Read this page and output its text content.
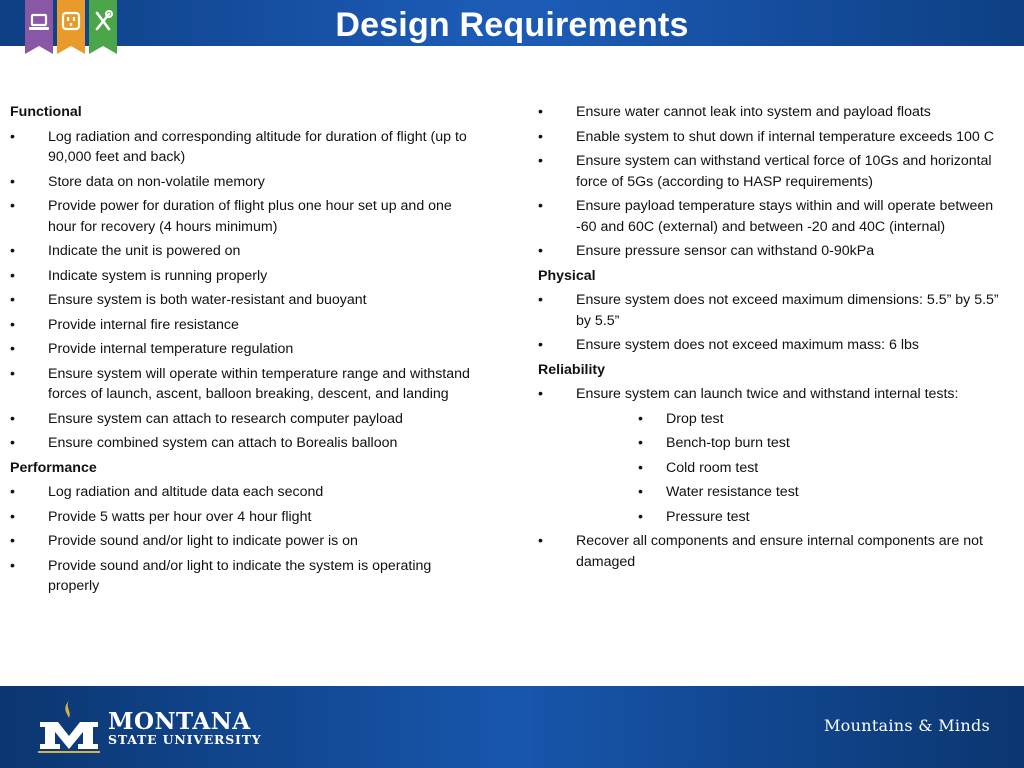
Design Requirements
Functional
• Log radiation and corresponding altitude for duration of flight (up to 90,000 feet and back)
• Store data on non-volatile memory
• Provide power for duration of flight plus one hour set up and one hour for recovery (4 hours minimum)
• Indicate the unit is powered on
• Indicate system is running properly
• Ensure system is both water-resistant and buoyant
• Provide internal fire resistance
• Provide internal temperature regulation
• Ensure system will operate within temperature range and withstand forces of launch, ascent, balloon breaking, descent, and landing
• Ensure system can attach to research computer payload
• Ensure combined system can attach to Borealis balloon
Performance
• Log radiation and altitude data each second
• Provide 5 watts per hour over 4 hour flight
• Provide sound and/or light to indicate power is on
• Provide sound and/or light to indicate the system is operating properly
• Ensure water cannot leak into system and payload floats
• Enable system to shut down if internal temperature exceeds 100 C
• Ensure system can withstand vertical force of 10Gs and horizontal force of 5Gs (according to HASP requirements)
• Ensure payload temperature stays within and will operate between -60 and 60C (external) and between -20 and 40C (internal)
• Ensure pressure sensor can withstand 0-90kPa
Physical
• Ensure system does not exceed maximum dimensions: 5.5” by 5.5” by 5.5”
• Ensure system does not exceed maximum mass: 6 lbs
Reliability
• Ensure system can launch twice and withstand internal tests:
• Drop test
• Bench-top burn test
• Cold room test
• Water resistance test
• Pressure test
• Recover all components and ensure internal components are not damaged
MONTANA
STATE UNIVERSITY
Mountains & Minds
